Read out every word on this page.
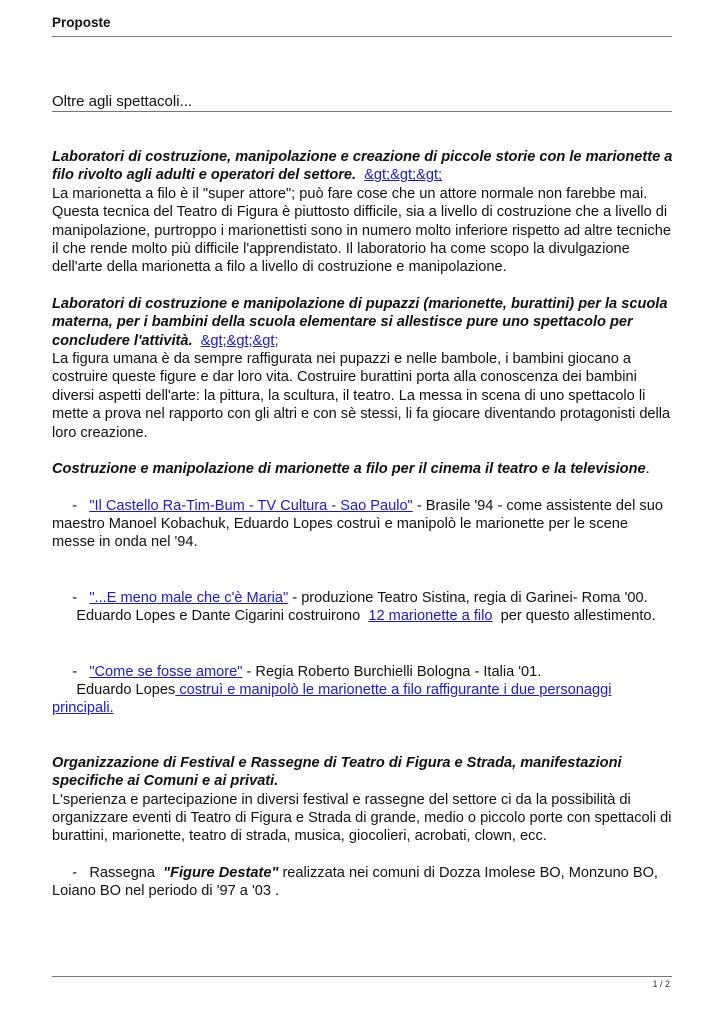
Proposte
Oltre agli spettacoli...

Laboratori di costruzione, manipolazione e creazione di piccole storie con le marionette a filo rivolto agli adulti e operatori del settore. &gt;&gt;&gt;

La marionetta a filo è il "super attore"; può fare cose che un attore normale non farebbe mai. Questa tecnica del Teatro di Figura è piuttosto difficile, sia a livello di costruzione che a livello di manipolazione, purtroppo i marionettisti sono in numero molto inferiore rispetto ad altre tecniche il che rende molto più difficile l'apprendistato. Il laboratorio ha come scopo la divulgazione dell'arte della marionetta a filo a livello di costruzione e manipolazione.

Laboratori di costruzione e manipolazione di pupazzi (marionette, burattini) per la scuola materna, per i bambini della scuola elementare si allestisce pure uno spettacolo per concludere l'attività. &gt;&gt;&gt;

La figura umana è da sempre raffigurata nei pupazzi e nelle bambole, i bambini giocano a costruire queste figure e dar loro vita. Costruire burattini porta alla conoscenza dei bambini diversi aspetti dell'arte: la pittura, la scultura, il teatro. La messa in scena di uno spettacolo li mette a prova nel rapporto con gli altri e con sè stessi, li fa giocare diventando protagonisti della loro creazione.

Costruzione e manipolazione di marionette a filo per il cinema il teatro e la televisione.

- "Il Castello Ra-Tim-Bum - TV Cultura - Sao Paulo" - Brasile '94 - come assistente del suo maestro Manoel Kobachuk, Eduardo Lopes costruì e manipolò le marionette per le scene messe in onda nel '94.

- "...E meno male che c'è Maria" - produzione Teatro Sistina, regia di Garinei- Roma '00.
Eduardo Lopes e Dante Cigarini costruirono 12 marionette a filo per questo allestimento.

- "Come se fosse amore" - Regia Roberto Burchielli Bologna - Italia '01.
Eduardo Lopes costruì e manipolò le marionette a filo raffigurante i due personaggi principali.

Organizzazione di Festival e Rassegne di Teatro di Figura e Strada, manifestazioni specifiche ai Comuni e ai privati.

L'sperienza e partecipazione in diversi festival e rassegne del settore ci da la possibilità di organizzare eventi di Teatro di Figura e Strada di grande, medio o piccolo porte con spettacoli di burattini, marionette, teatro di strada, musica, giocolieri, acrobati, clown, ecc.

- Rassegna "Figure Destate" realizzata nei comuni di Dozza Imolese BO, Monzuno BO, Loiano BO nel periodo di '97 a '03 .

1 / 2
